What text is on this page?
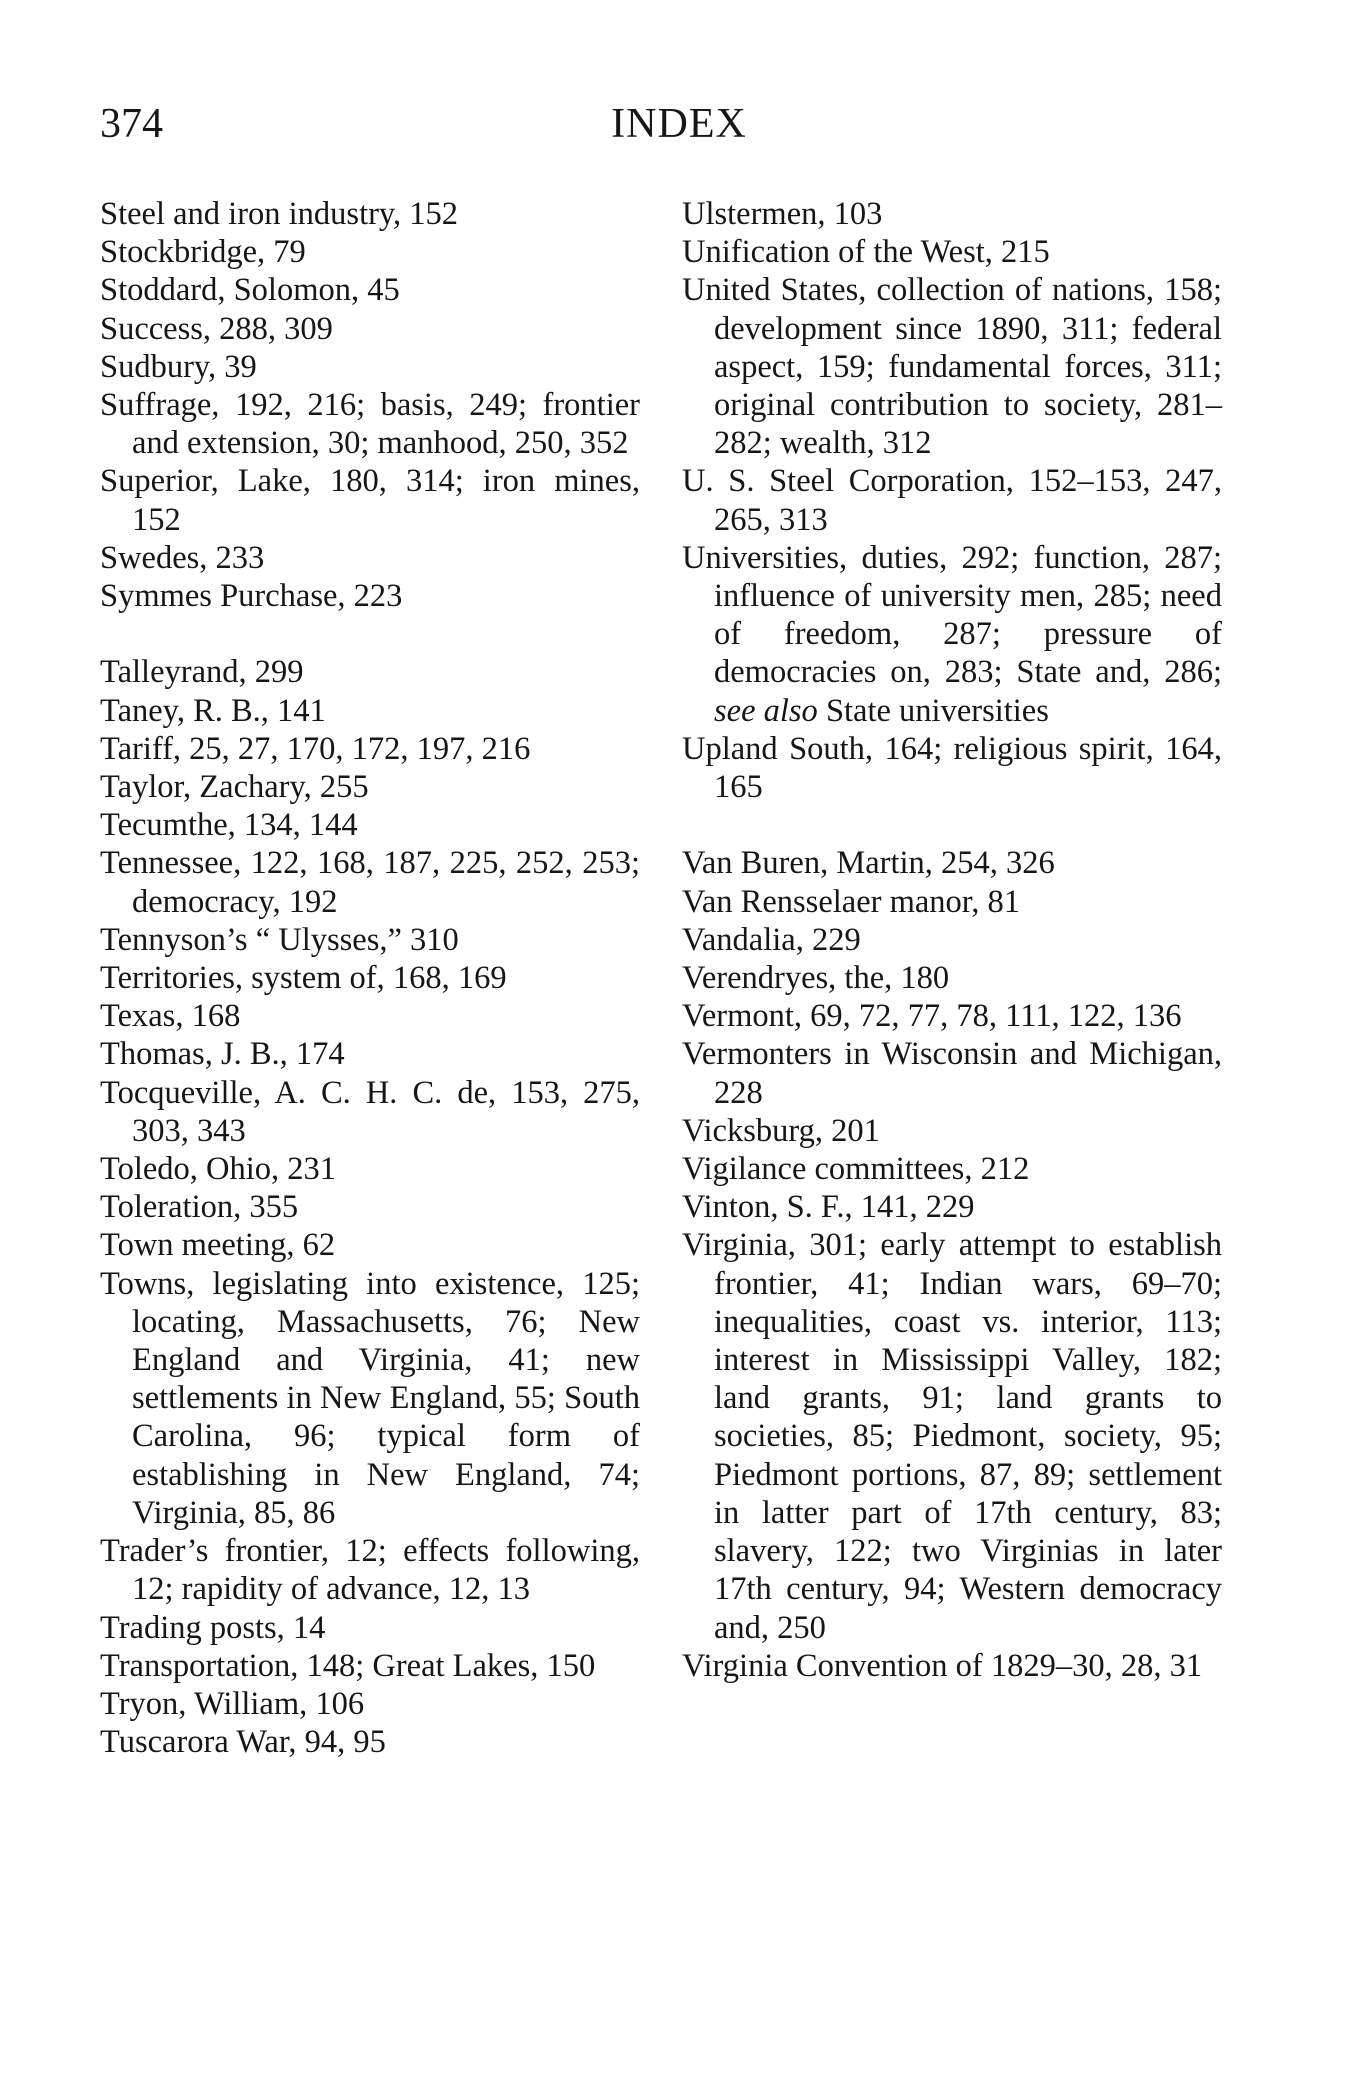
374	INDEX
Steel and iron industry, 152
Stockbridge, 79
Stoddard, Solomon, 45
Success, 288, 309
Sudbury, 39
Suffrage, 192, 216; basis, 249; frontier and extension, 30; manhood, 250, 352
Superior, Lake, 180, 314; iron mines, 152
Swedes, 233
Symmes Purchase, 223
Talleyrand, 299
Taney, R. B., 141
Tariff, 25, 27, 170, 172, 197, 216
Taylor, Zachary, 255
Tecumthe, 134, 144
Tennessee, 122, 168, 187, 225, 252, 253; democracy, 192
Tennyson’s “ Ulysses,” 310
Territories, system of, 168, 169
Texas, 168
Thomas, J. B., 174
Tocqueville, A. C. H. C. de, 153, 275, 303, 343
Toledo, Ohio, 231
Toleration, 355
Town meeting, 62
Towns, legislating into existence, 125; locating, Massachusetts, 76; New England and Virginia, 41; new settlements in New England, 55; South Carolina, 96; typical form of establishing in New England, 74; Virginia, 85, 86
Trader’s frontier, 12; effects following, 12; rapidity of advance, 12, 13
Trading posts, 14
Transportation, 148; Great Lakes, 150
Tryon, William, 106
Tuscarora War, 94, 95
Ulstermen, 103
Unification of the West, 215
United States, collection of nations, 158; development since 1890, 311; federal aspect, 159; fundamental forces, 311; original contribution to society, 281–282; wealth, 312
U. S. Steel Corporation, 152–153, 247, 265, 313
Universities, duties, 292; function, 287; influence of university men, 285; need of freedom, 287; pressure of democracies on, 283; State and, 286; see also State universities
Upland South, 164; religious spirit, 164, 165
Van Buren, Martin, 254, 326
Van Rensselaer manor, 81
Vandalia, 229
Verendryes, the, 180
Vermont, 69, 72, 77, 78, 111, 122, 136
Vermonters in Wisconsin and Michigan, 228
Vicksburg, 201
Vigilance committees, 212
Vinton, S. F., 141, 229
Virginia, 301; early attempt to establish frontier, 41; Indian wars, 69–70; inequalities, coast vs. interior, 113; interest in Mississippi Valley, 182; land grants, 91; land grants to societies, 85; Piedmont, society, 95; Piedmont portions, 87, 89; settlement in latter part of 17th century, 83; slavery, 122; two Virginias in later 17th century, 94; Western democracy and, 250
Virginia Convention of 1829–30, 28, 31
